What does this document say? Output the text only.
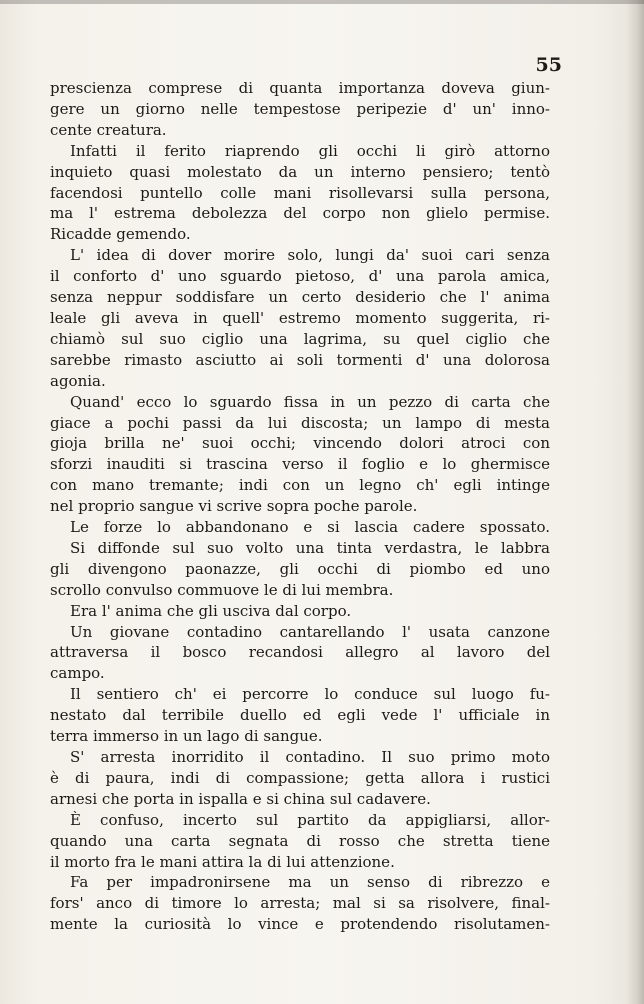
55
prescienza comprese di quanta importanza doveva giun-
gere un giorno nelle tempestose peripezie d' un' inno-
cente creatura.
Infatti il ferito riaprendo gli occhi li girò attorno
inquieto quasi molestato da un interno pensiero; tentò
facendosi puntello colle mani risollevarsi sulla persona,
ma l' estrema debolezza del corpo non glielo permise.
Ricadde gemendo.
L' idea di dover morire solo, lungi da' suoi cari senza
il conforto d' uno sguardo pietoso, d' una parola amica,
senza neppur soddisfare un certo desiderio che l' anima
leale gli aveva in quell' estremo momento suggerita, ri-
chiamò sul suo ciglio una lagrima, su quel ciglio che
sarebbe rimasto asciutto ai soli tormenti d' una dolorosa
agonia.
Quand' ecco lo sguardo fissa in un pezzo di carta che
giace a pochi passi da lui discosta; un lampo di mesta
gioja brilla ne' suoi occhi; vincendo dolori atroci con
sforzi inauditi si trascina verso il foglio e lo ghermisce
con mano tremante; indi con un legno ch' egli intinge
nel proprio sangue vi scrive sopra poche parole.
Le forze lo abbandonano e si lascia cadere spossato.
Si diffonde sul suo volto una tinta verdastra, le labbra
gli divengono paonazze, gli occhi di piombo ed uno
scrollo convulso commuove le di lui membra.
Era l' anima che gli usciva dal corpo.
Un giovane contadino cantarellando l' usata canzone
attraversa il bosco recandosi allegro al lavoro del
campo.
Il sentiero ch' ei percorre lo conduce sul luogo fu-
nestato dal terribile duello ed egli vede l' ufficiale in
terra immerso in un lago di sangue.
S' arresta inorridito il contadino. Il suo primo moto
è di paura, indi di compassione; getta allora i rustici
arnesi che porta in ispalla e si china sul cadavere.
È confuso, incerto sul partito da appigliarsi, allor-
quando una carta segnata di rosso che stretta tiene
il morto fra le mani attira la di lui attenzione.
Fa per impadronirsene ma un senso di ribrezzo e
fors' anco di timore lo arresta; mal si sa risolvere, final-
mente la curiosità lo vince e protendendo risolutamen-
